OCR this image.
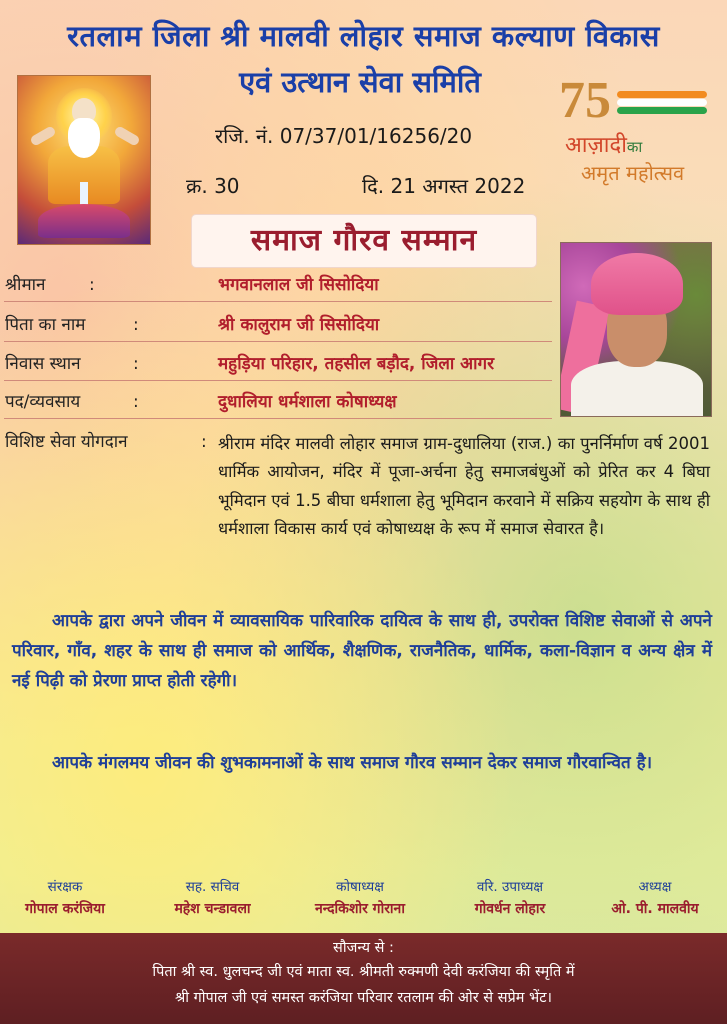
रतलाम जिला श्री मालवी लोहार समाज कल्याण विकास
एवं उत्थान सेवा समिति
रजि. नं. 07/37/01/16256/20
क्र. 30	दि. 21 अगस्त 2022
75
आज़ादीका
अमृत महोत्सव
समाज गौरव सम्मान
श्रीमान	:	भगवानलाल जी सिसोदिया
पिता का नाम	:	श्री कालुराम जी सिसोदिया
निवास स्थान	:	महुड़िया परिहार, तहसील बड़ौद, जिला आगर
पद/व्यवसाय	:	दुधालिया धर्मशाला कोषाध्यक्ष
विशिष्ट सेवा योगदान	: श्रीराम मंदिर मालवी लोहार समाज ग्राम-दुधालिया (राज.) का पुनर्निर्माण वर्ष 2001 धार्मिक आयोजन, मंदिर में पूजा-अर्चना हेतु समाजबंधुओं को प्रेरित कर 4 बिघा भूमिदान एवं 1.5 बीघा धर्मशाला हेतु भूमिदान करवाने में सक्रिय सहयोग के साथ ही धर्मशाला विकास कार्य एवं कोषाध्यक्ष के रूप में समाज सेवारत है।
आपके द्वारा अपने जीवन में व्यावसायिक पारिवारिक दायित्व के साथ ही, उपरोक्त विशिष्ट सेवाओं से अपने परिवार, गाँव, शहर के साथ ही समाज को आर्थिक, शैक्षणिक, राजनैतिक, धार्मिक, कला-विज्ञान व अन्य क्षेत्र में नई पिढ़ी को प्रेरणा प्राप्त होती रहेगी।
आपके मंगलमय जीवन की शुभकामनाओं के साथ समाज गौरव सम्मान देकर समाज गौरवान्वित है।
संरक्षक
गोपाल करंजिया
सह. सचिव
महेश चन्डावला
कोषाध्यक्ष
नन्दकिशोर गोराना
वरि. उपाध्यक्ष
गोवर्धन लोहार
अध्यक्ष
ओ. पी. मालवीय
सौजन्य से :
पिता श्री स्व. धुलचन्द जी एवं माता स्व. श्रीमती रुक्मणी देवी करंजिया की स्मृति में
श्री गोपाल जी एवं समस्त करंजिया परिवार रतलाम की ओर से सप्रेम भेंट।
